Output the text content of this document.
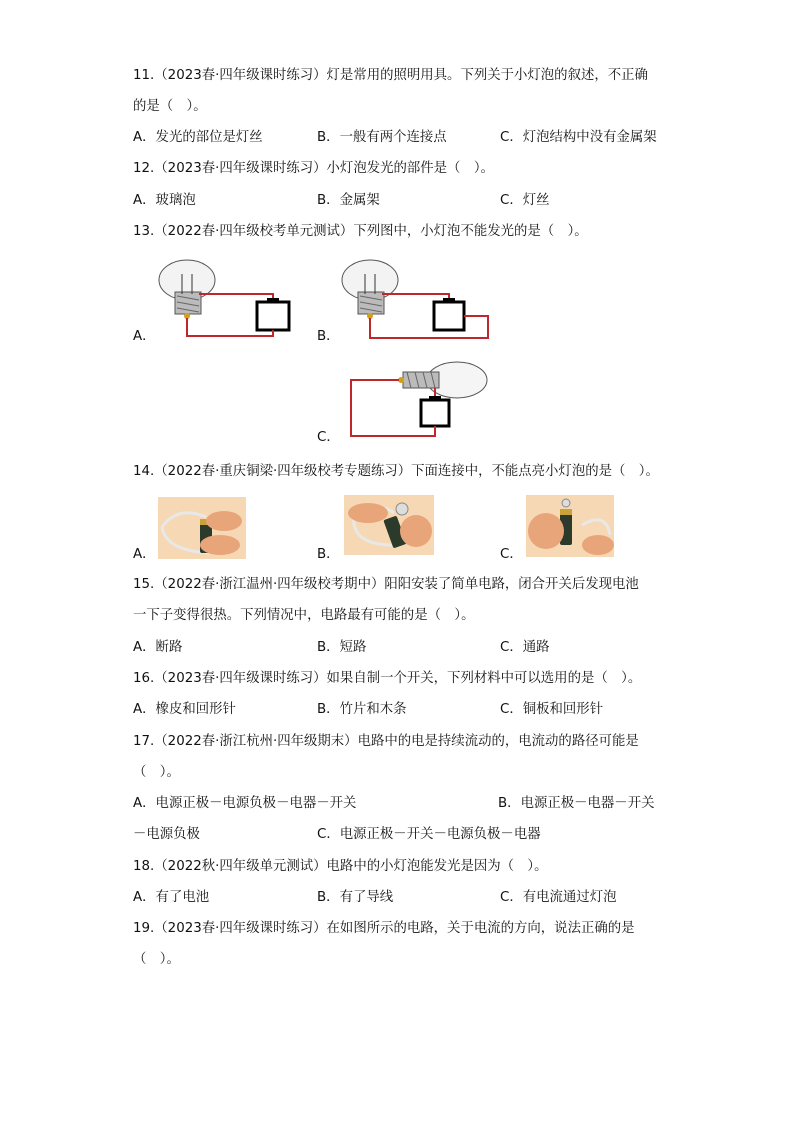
11.（2023春·四年级课时练习）灯是常用的照明用具。下列关于小灯泡的叙述，不正确
的是（　）。
A．发光的部位是灯丝	B．一般有两个连接点	C．灯泡结构中没有金属架
12.（2023春·四年级课时练习）小灯泡发光的部件是（　）。
A．玻璃泡	B．金属架	C．灯丝
13.（2022春·四年级校考单元测试）下列图中，小灯泡不能发光的是（　）。
A．	B．
C．
14.（2022春·重庆铜梁·四年级校考专题练习）下面连接中，不能点亮小灯泡的是（　）。
A．	B．	C．
15.（2022春·浙江温州·四年级校考期中）阳阳安装了简单电路，闭合开关后发现电池
一下子变得很热。下列情况中，电路最有可能的是（　）。
A．断路	B．短路	C．通路
16.（2023春·四年级课时练习）如果自制一个开关，下列材料中可以选用的是（　）。
A．橡皮和回形针	B．竹片和木条	C．铜板和回形针
17.（2022春·浙江杭州·四年级期末）电路中的电是持续流动的，电流动的路径可能是
（　）。
A．电源正极－电源负极－电器－开关	B．电源正极－电器－开关
－电源负极	C．电源正极－开关－电源负极－电器
18.（2022秋·四年级单元测试）电路中的小灯泡能发光是因为（　）。
A．有了电池	B．有了导线	C．有电流通过灯泡
19.（2023春·四年级课时练习）在如图所示的电路，关于电流的方向，说法正确的是
（　）。
